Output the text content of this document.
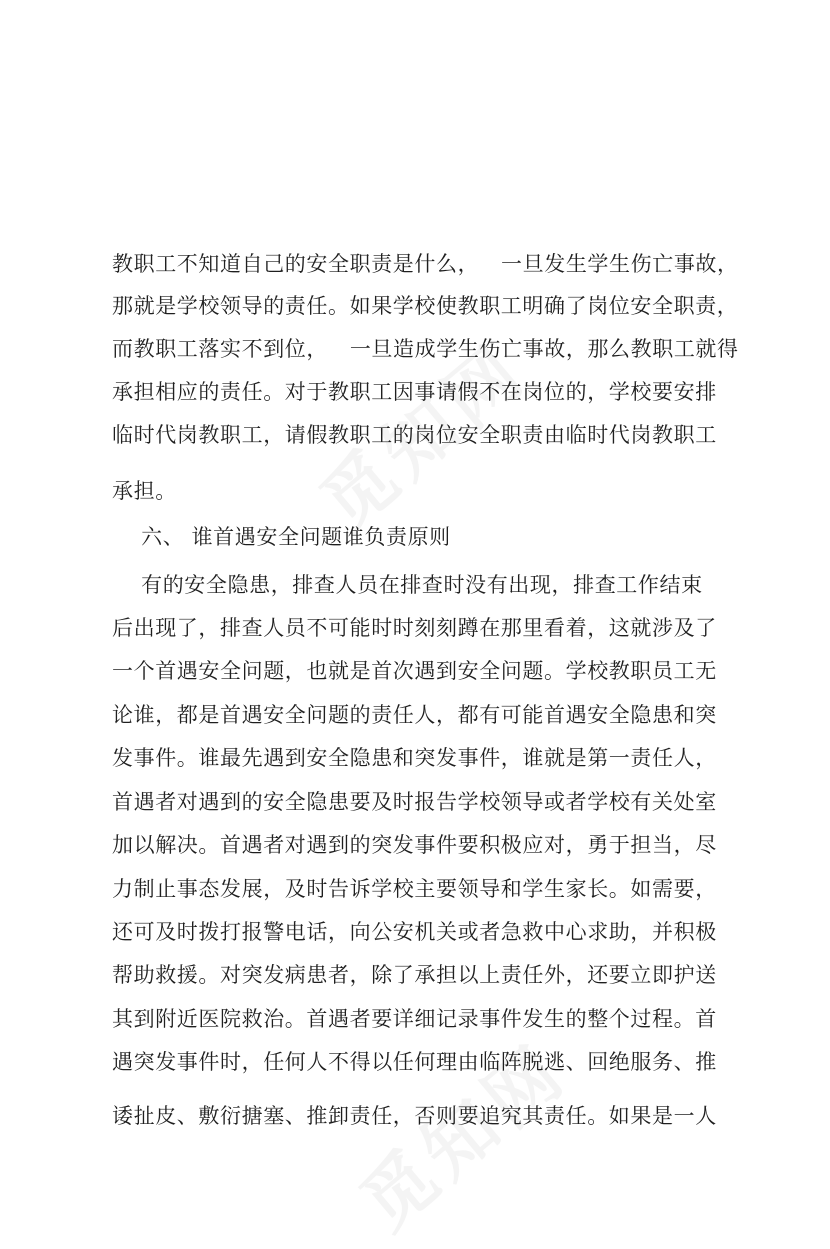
教职工不知道自己的安全职责是什么，   一旦发生学生伤亡事故，
那就是学校领导的责任。如果学校使教职工明确了岗位安全职责，
而教职工落实不到位，   一旦造成学生伤亡事故，那么教职工就得
承担相应的责任。对于教职工因事请假不在岗位的，学校要安排
临时代岗教职工，请假教职工的岗位安全职责由临时代岗教职工
承担。
六、 谁首遇安全问题谁负责原则
有的安全隐患，排查人员在排查时没有出现，排查工作结束
后出现了，排查人员不可能时时刻刻蹲在那里看着，这就涉及了
一个首遇安全问题，也就是首次遇到安全问题。学校教职员工无
论谁，都是首遇安全问题的责任人，都有可能首遇安全隐患和突
发事件。谁最先遇到安全隐患和突发事件，谁就是第一责任人，
首遇者对遇到的安全隐患要及时报告学校领导或者学校有关处室
加以解决。首遇者对遇到的突发事件要积极应对，勇于担当，尽
力制止事态发展，及时告诉学校主要领导和学生家长。如需要，
还可及时拨打报警电话，向公安机关或者急救中心求助，并积极
帮助救援。对突发病患者，除了承担以上责任外，还要立即护送
其到附近医院救治。首遇者要详细记录事件发生的整个过程。首
遇突发事件时，任何人不得以任何理由临阵脱逃、回绝服务、推
诿扯皮、敷衍搪塞、推卸责任，否则要追究其责任。如果是一人
